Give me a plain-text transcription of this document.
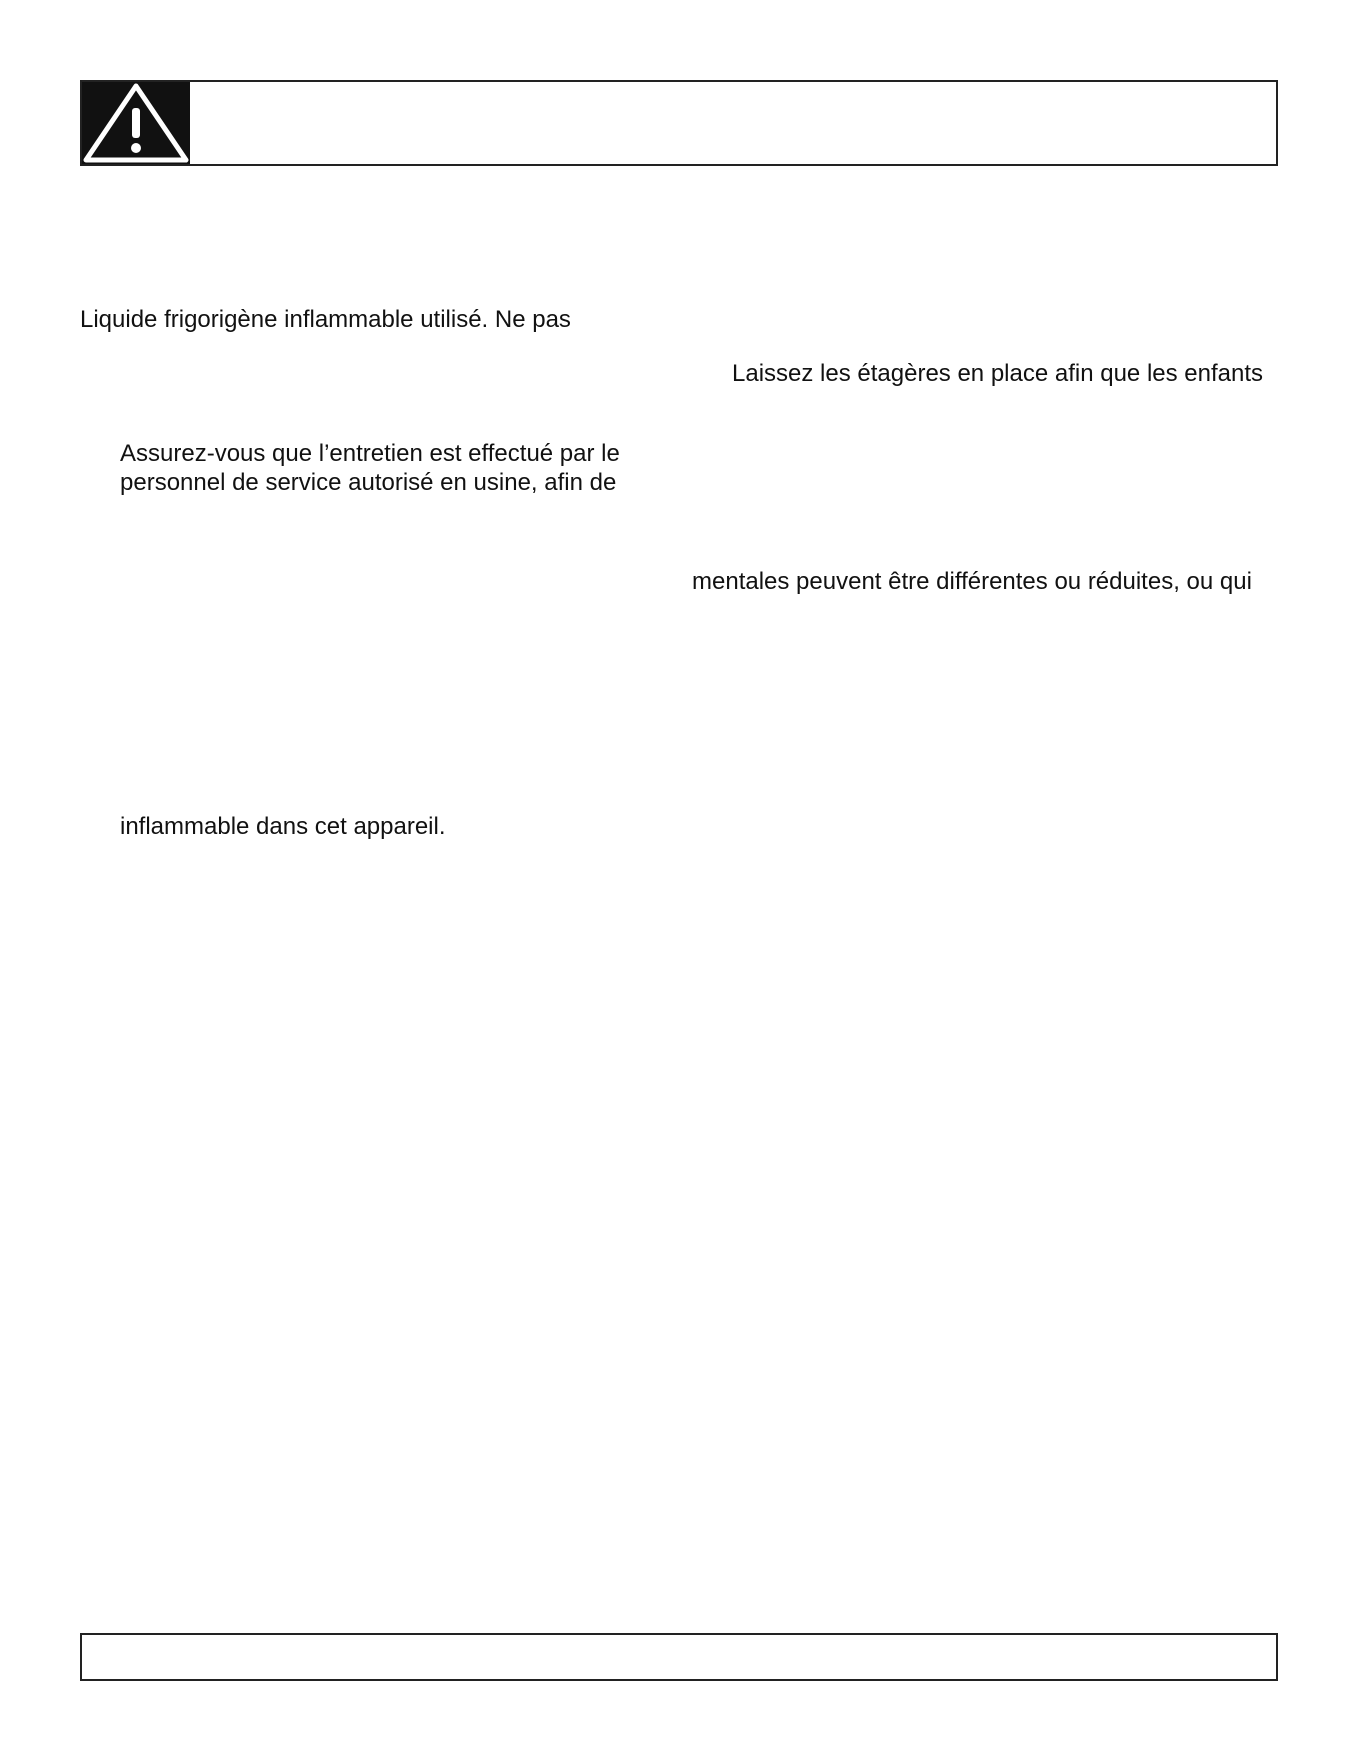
Liquide frigorigène inflammable utilisé. Ne pas
Laissez les étagères en place afin que les enfants
Assurez-vous que l’entretien est effectué par le
personnel de service autorisé en usine, afin de
mentales peuvent être différentes ou réduites, ou qui
inflammable dans cet appareil.
